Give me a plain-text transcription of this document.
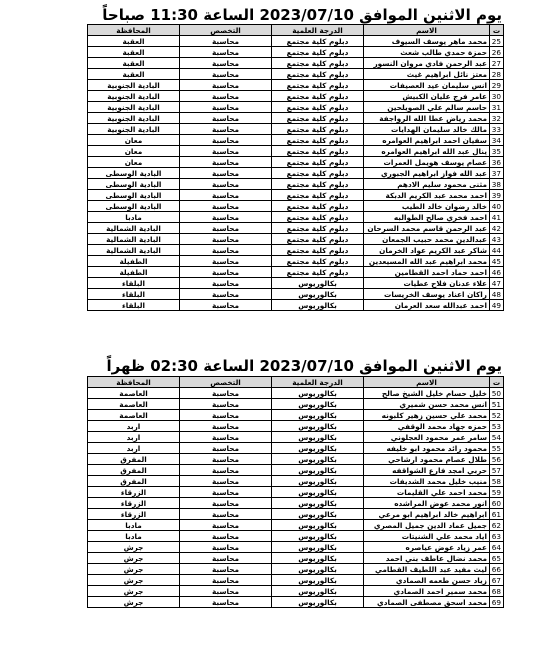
يوم الاثنين الموافق 2023/07/10 الساعة 11:30 صباحاً
ت	الاسم	الدرجة العلمية	التخصص	المحافظة
25	محمد ماهر يوسف السيوف	دبلوم كلية مجتمع	محاسبة	العقبة
26	حمزة حمدي طالب شعث	دبلوم كلية مجتمع	محاسبة	العقبة
27	عبد الرحمن فادي مروان النسور	دبلوم كلية مجتمع	محاسبة	العقبة
28	معتز نائل ابراهيم غيث	دبلوم كلية مجتمع	محاسبة	العقبة
29	انس سليمان عيد العصيفات	دبلوم كلية مجتمع	محاسبة	البادية الجنوبية
30	عامر فرج عليان الكبيش	دبلوم كلية مجتمع	محاسبة	البادية الجنوبية
31	حاسم سالم علي الصويلحين	دبلوم كلية مجتمع	محاسبة	البادية الجنوبية
32	محمد رياض عطا الله الرواجفة	دبلوم كلية مجتمع	محاسبة	البادية الجنوبية
33	مالك خالد سليمان الهدايات	دبلوم كلية مجتمع	محاسبة	البادية الجنوبية
34	سفيان احمد ابراهيم العوامره	دبلوم كلية مجتمع	محاسبة	معان
35	ينال عبد الله ابراهيم العوامره	دبلوم كلية مجتمع	محاسبة	معان
36	عصام يوسف هويمل العمرات	دبلوم كلية مجتمع	محاسبة	معان
37	عبد الله فواز ابراهيم الجبوري	دبلوم كلية مجتمع	محاسبة	البادية الوسطى
38	مثنى محمود سليم الادهم	دبلوم كلية مجتمع	محاسبة	البادية الوسطى
39	احمد محمد عبد الكريم الدبكة	دبلوم كلية مجتمع	محاسبة	البادية الوسطى
40	خالد رضوان خالد الطيب	دبلوم كلية مجتمع	محاسبة	البادية الوسطى
41	احمد فخري صالح الطوالبه	دبلوم كلية مجتمع	محاسبة	مادبا
42	عبد الرحمن قاسم محمد السرحان	دبلوم كلية مجتمع	محاسبة	البادية الشمالية
43	عبدالدين محمد حبيب الجمعان	دبلوم كلية مجتمع	محاسبة	البادية الشمالية
44	شاكر عبد الكريم عواد الخرمان	دبلوم كلية مجتمع	محاسبة	البادية الشمالية
45	محمد ابراهيم عبد الله المسيعدين	دبلوم كلية مجتمع	محاسبة	الطفيلة
46	احمد حماد احمد القطامين	دبلوم كلية مجتمع	محاسبة	الطفيلة
47	علاء عدنان فلاح عطيات	بكالوريوس	محاسبة	البلقاء
48	راكان اعناد يوسف الخريسات	بكالوريوس	محاسبة	البلقاء
49	احمد عبدالله سعد العرمان	بكالوريوس	محاسبة	البلقاء
يوم الاثنين الموافق 2023/07/10 الساعة 02:30 ظهراً
ت	الاسم	الدرجة العلمية	التخصص	المحافظة
50	خليل حسام خليل الشيخ صالح	بكالوريوس	محاسبة	العاصمة
51	انس محمد حسن شميري	بكالوريوس	محاسبة	العاصمة
52	محمد علي حسين زهير كلبونه	بكالوريوس	محاسبة	العاصمة
53	حمزه جهاد محمد الوقفي	بكالوريوس	محاسبة	اربد
54	سامر عمر محمود العجلوني	بكالوريوس	محاسبة	اربد
55	محمود رائد محمود ابو خليفه	بكالوريوس	محاسبة	اربد
56	طلال عصام محمود ارشاحي	بكالوريوس	محاسبة	المفرق
57	حربي امجد فارع الشواقفه	بكالوريوس	محاسبة	المفرق
58	منيب خليل محمد الشديفات	بكالوريوس	محاسبة	المفرق
59	محمد احمد علي القليمات	بكالوريوس	محاسبة	الزرقاء
60	انور محمد عوض المراشده	بكالوريوس	محاسبة	الزرقاء
61	ابراهيم خالد ابراهيم ابو مرعي	بكالوريوس	محاسبة	الزرقاء
62	جميل عماد الدين جميل المصري	بكالوريوس	محاسبة	مادبا
63	اياد محمد علي الشنيتات	بكالوريوس	محاسبة	مادبا
64	عمر زياد عوض عياصره	بكالوريوس	محاسبة	جرش
65	محمد نضال عاطف بني احمد	بكالوريوس	محاسبة	جرش
66	ليث مفيد عبد اللطيف القطامي	بكالوريوس	محاسبة	جرش
67	زياد حسن طعمه الصمادي	بكالوريوس	محاسبة	جرش
68	محمد سمير احمد الصمادي	بكالوريوس	محاسبة	جرش
69	محمد اسحق مصطفى الصمادي	بكالوريوس	محاسبة	جرش
